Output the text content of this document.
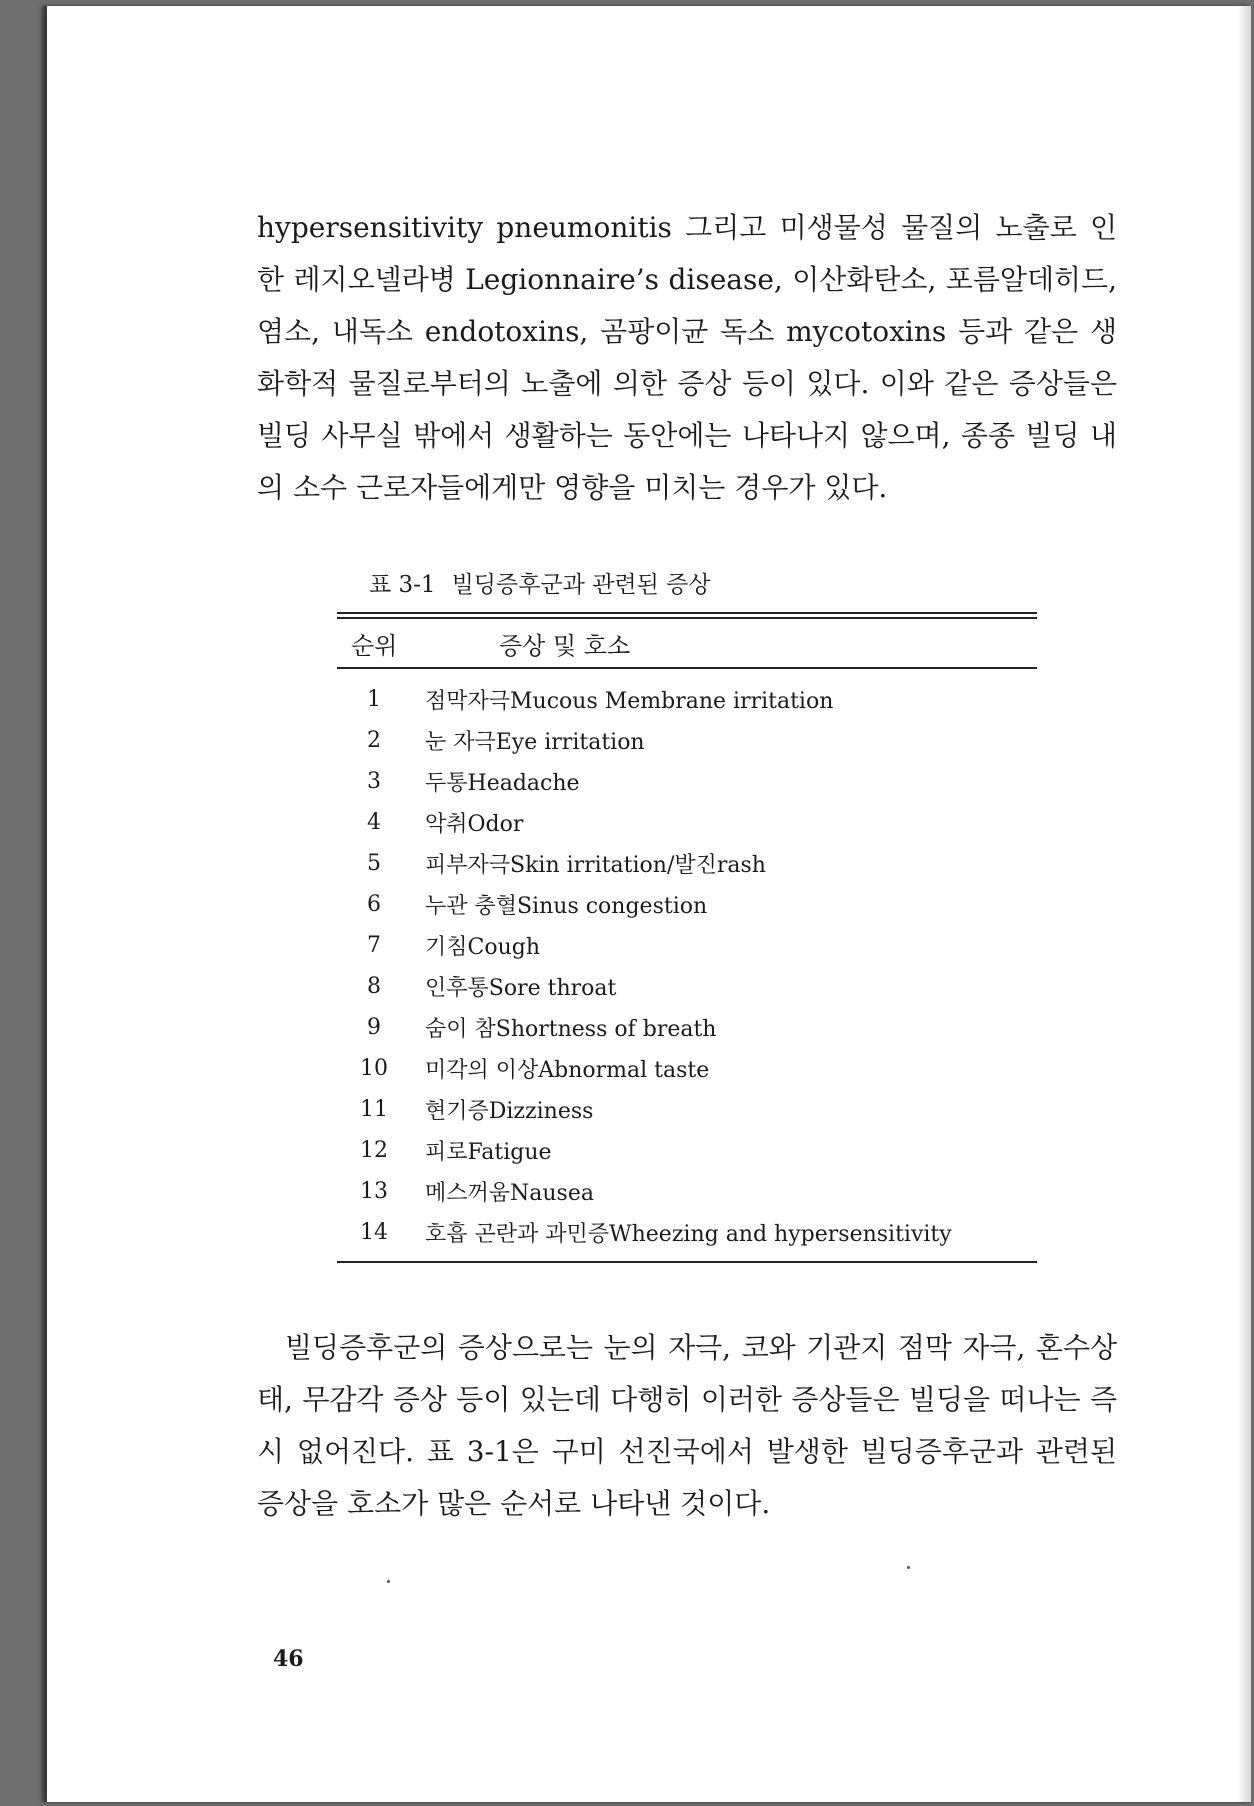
hypersensitivity pneumonitis 그리고 미생물성 물질의 노출로 인한 레지오넬라병 Legionnaire’s disease, 이산화탄소, 포름알데히드, 염소, 내독소 endotoxins, 곰팡이균 독소 mycotoxins 등과 같은 생화학적 물질로부터의 노출에 의한 증상 등이 있다. 이와 같은 증상들은 빌딩 사무실 밖에서 생활하는 동안에는 나타나지 않으며, 종종 빌딩 내의 소수 근로자들에게만 영향을 미치는 경우가 있다.

표 3-1 빌딩증후군과 관련된 증상

순위	증상 및 호소
1	점막자극Mucous Membrane irritation
2	눈 자극Eye irritation
3	두통Headache
4	악취Odor
5	피부자극Skin irritation/발진rash
6	누관 충혈Sinus congestion
7	기침Cough
8	인후통Sore throat
9	숨이 참Shortness of breath
10	미각의 이상Abnormal taste
11	현기증Dizziness
12	피로Fatigue
13	메스꺼움Nausea
14	호흡 곤란과 과민증Wheezing and hypersensitivity

빌딩증후군의 증상으로는 눈의 자극, 코와 기관지 점막 자극, 혼수상태, 무감각 증상 등이 있는데 다행히 이러한 증상들은 빌딩을 떠나는 즉시 없어진다. 표 3-1은 구미 선진국에서 발생한 빌딩증후군과 관련된 증상을 호소가 많은 순서로 나타낸 것이다.

46
